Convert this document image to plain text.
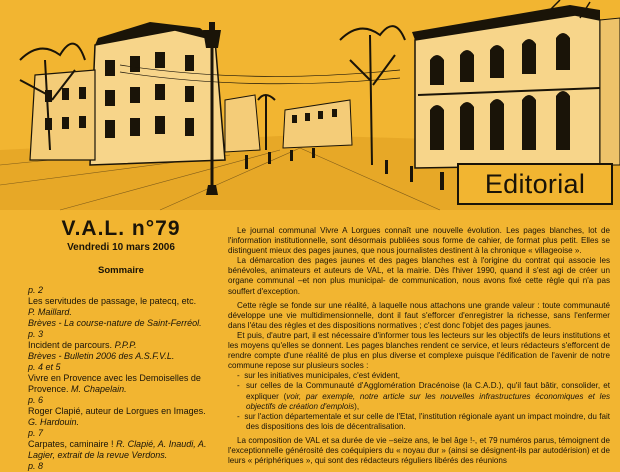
Editorial
V.A.L. n°79
Vendredi 10 mars 2006
Sommaire
p. 2
Les servitudes de passage, le patecq, etc.
P. Maillard.
Brèves - La course-nature de Saint-Ferréol.
p. 3
Incident de parcours. P.P.P.
Brèves - Bulletin 2006 des A.S.F.V.L.
p. 4 et 5
Vivre en Provence avec les Demoiselles de Provence. M. Chapelain.
p. 6
Roger Clapié, auteur de Lorgues en Images.
G. Hardouin.
p. 7
Carpates, caminaire ! R. Clapié, A. Inaudi, A. Lagier, extrait de la revue Verdons.
p. 8

Le journal communal Vivre A Lorgues connaît une nouvelle évolution. Les pages blanches, lot de l'information institutionnelle, sont désormais publiées sous forme de cahier, de format plus petit. Elles se distinguent mieux des pages jaunes, que nous journalistes destinent à la chronique « villageoise ».

La démarcation des pages jaunes et des pages blanches est à l'origine du contrat qui associe les bénévoles, animateurs et auteurs de VAL, et la mairie. Dès l'hiver 1990, quand il s'est agi de créer un organe communal –et non plus municipal- de communication, nous avons fixé cette règle qui n'a pas souffert d'exception.

Cette règle se fonde sur une réalité, à laquelle nous attachons une grande valeur : toute communauté développe une vie multidimensionnelle, dont il faut s'efforcer d'enregistrer la richesse, sans l'enfermer dans l'étau des règles et des dispositions normatives ; c'est donc l'objet des pages jaunes.

Et puis, d'autre part, il est nécessaire d'informer tous les lecteurs sur les objectifs de leurs institutions et les moyens qu'elles se donnent. Les pages blanches rendent ce service, et leurs rédacteurs s'efforcent de rendre compte d'une réalité de plus en plus diverse et complexe puisque l'édification de l'avenir de notre commune repose sur plusieurs socles :

-  sur les initiatives municipales, c'est évident,
-  sur celles de la Communauté d'Agglomération Dracénoise (la C.A.D.), qu'il faut bâtir, consolider, et expliquer (voir, par exemple, notre article sur les nouvelles infrastructures économiques et les objectifs de création d'emplois),
-  sur l'action départementale et sur celle de l'Etat, l'institution régionale ayant un impact moindre, du fait des dispositions des lois de décentralisation.

La composition de VAL et sa durée de vie –seize ans, le bel âge !-, et 79 numéros parus, témoignent de l'exceptionnelle générosité des coéquipiers du « noyau dur » (ainsi se désignent-ils par autodérision) et de leurs « périphériques », qui sont des rédacteurs réguliers libérés des réunions
